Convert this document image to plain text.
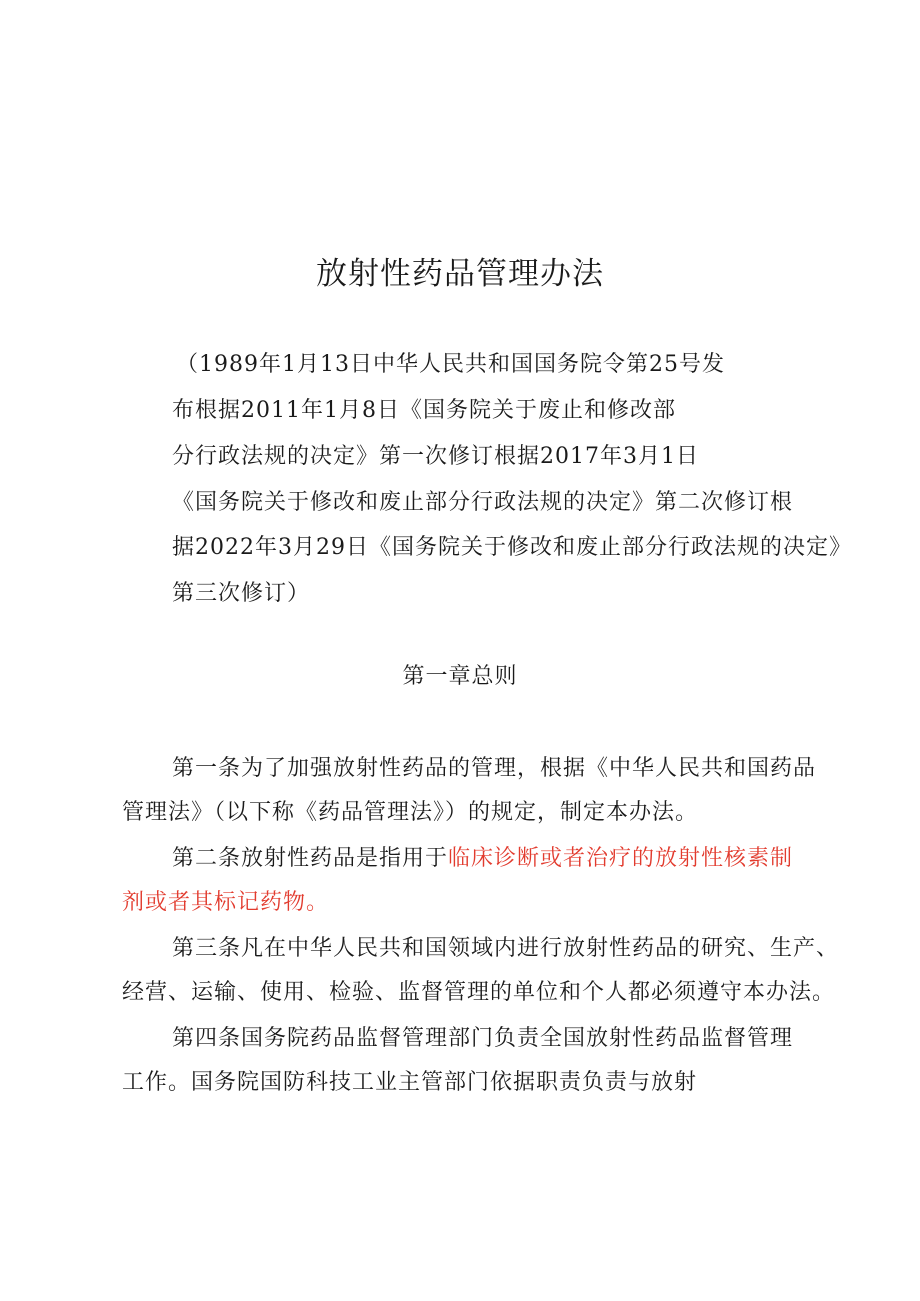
放射性药品管理办法
（1989年1月13日中华人民共和国国务院令第25号发
布根据2011年1月8日《国务院关于废止和修改部
分行政法规的决定》第一次修订根据2017年3月1日
《国务院关于修改和废止部分行政法规的决定》第二次修订根
据2022年3月29日《国务院关于修改和废止部分行政法规的决定》
第三次修订）
第一章总则
第一条为了加强放射性药品的管理，根据《中华人民共和国药品
管理法》（以下称《药品管理法》）的规定，制定本办法。
第二条放射性药品是指用于临床诊断或者治疗的放射性核素制
剂或者其标记药物。
第三条凡在中华人民共和国领域内进行放射性药品的研究、生产、
经营、运输、使用、检验、监督管理的单位和个人都必须遵守本办法。
第四条国务院药品监督管理部门负责全国放射性药品监督管理
工作。国务院国防科技工业主管部门依据职责负责与放射
